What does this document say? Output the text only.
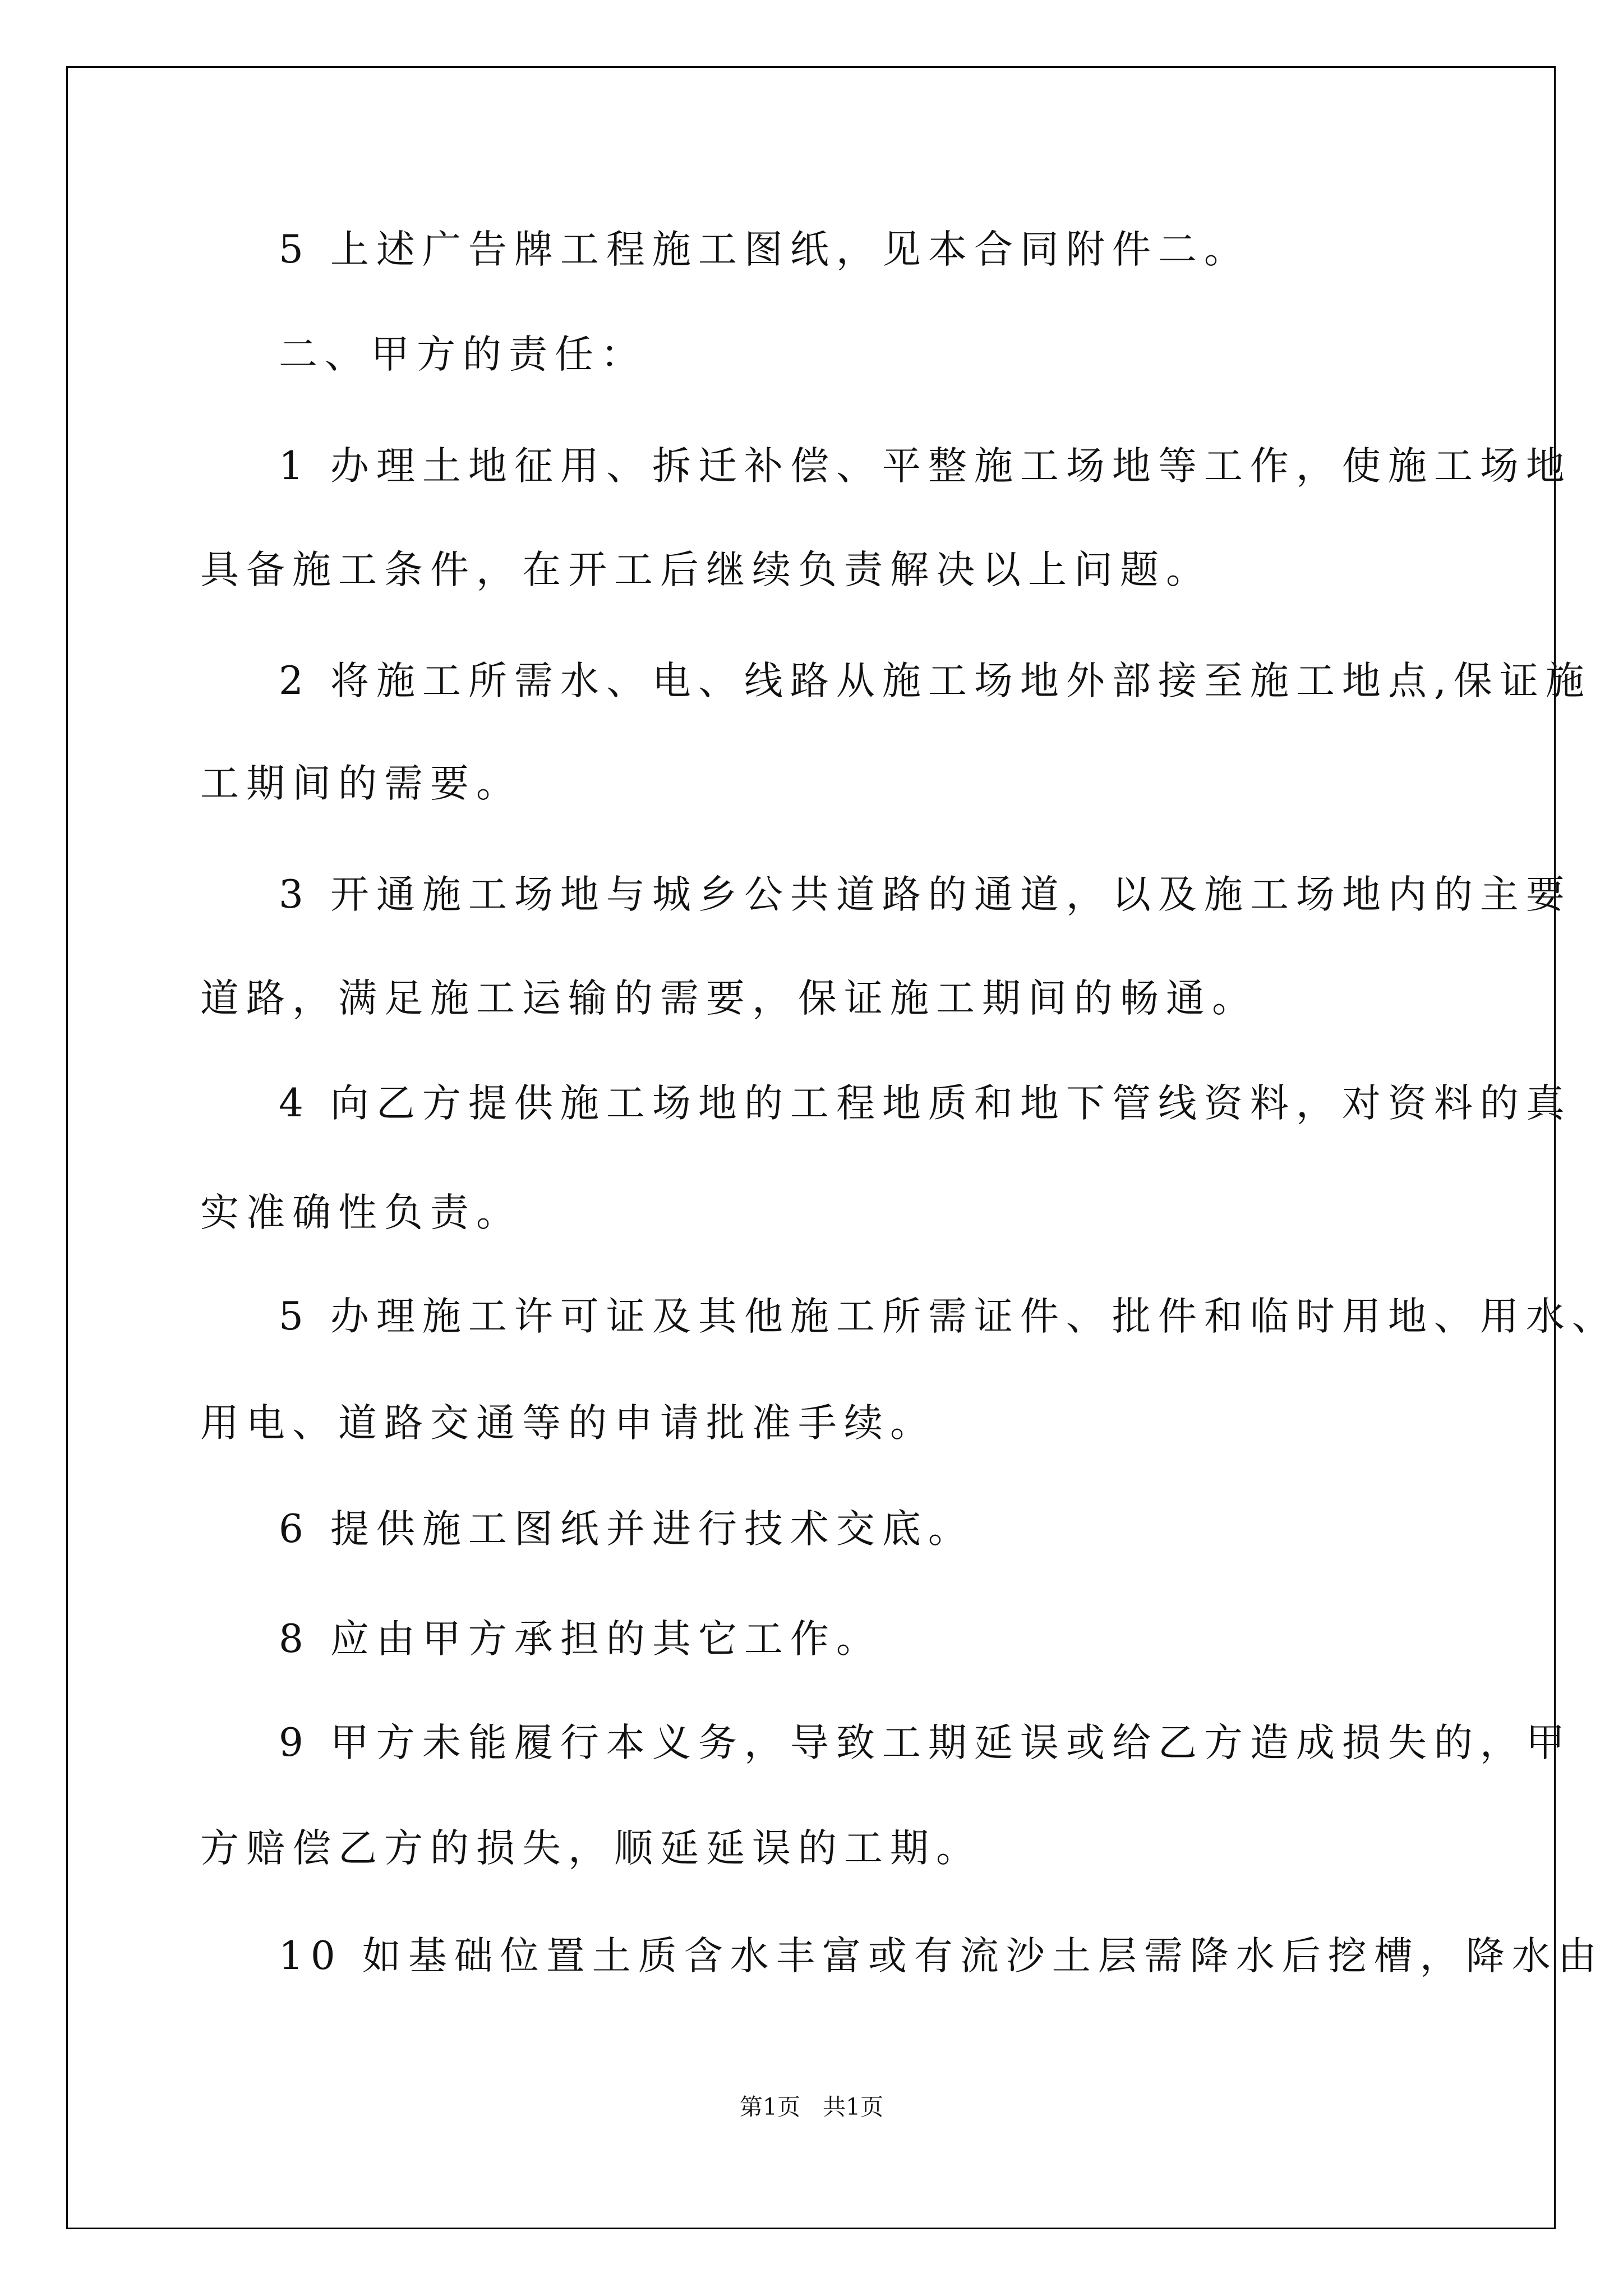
5 上述广告牌工程施工图纸，见本合同附件二。

二、甲方的责任：

1 办理土地征用、拆迁补偿、平整施工场地等工作，使施工场地

具备施工条件，在开工后继续负责解决以上问题。

2 将施工所需水、电、线路从施工场地外部接至施工地点,保证施

工期间的需要。

3 开通施工场地与城乡公共道路的通道，以及施工场地内的主要

道路，满足施工运输的需要，保证施工期间的畅通。

4 向乙方提供施工场地的工程地质和地下管线资料，对资料的真

实准确性负责。

5 办理施工许可证及其他施工所需证件、批件和临时用地、用水、

用电、道路交通等的申请批准手续。

6 提供施工图纸并进行技术交底。

8 应由甲方承担的其它工作。

9 甲方未能履行本义务，导致工期延误或给乙方造成损失的，甲

方赔偿乙方的损失，顺延延误的工期。

10 如基础位置土质含水丰富或有流沙土层需降水后挖槽，降水由

第1页 共1页
